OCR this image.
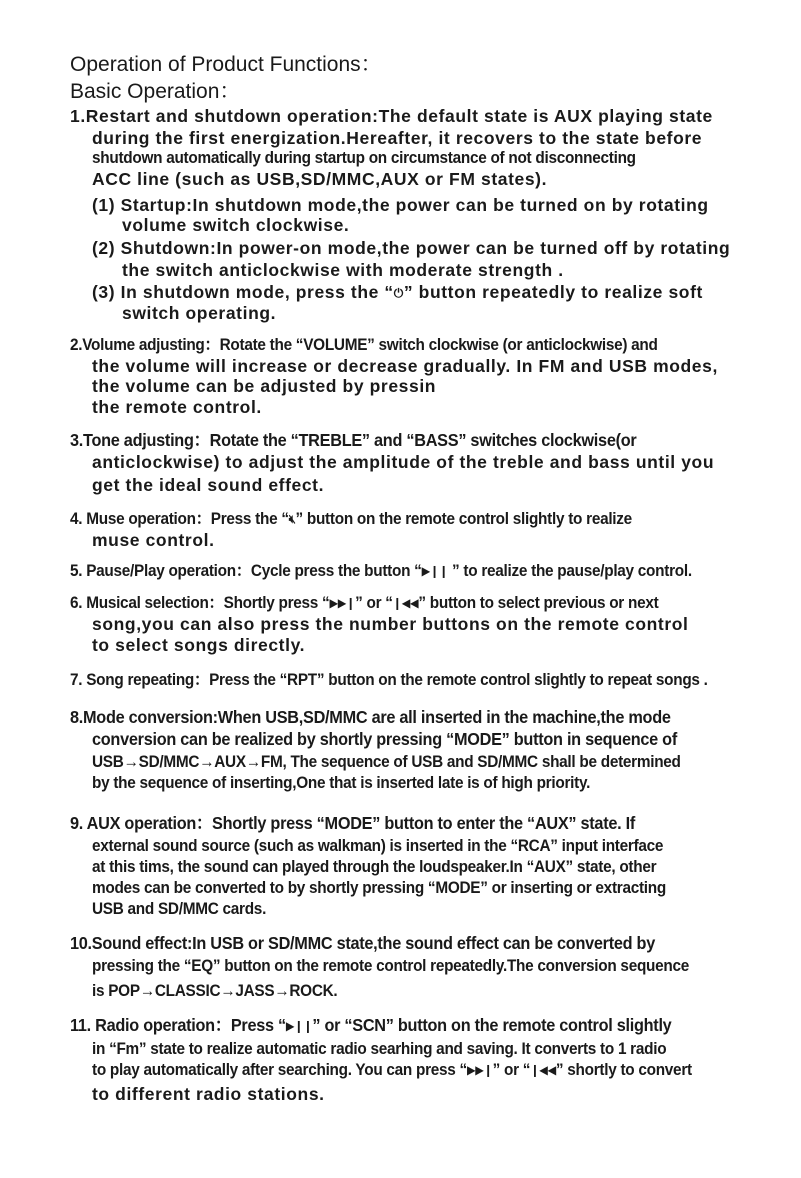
Operation of Product Functions：
Basic Operation：
1.Restart and shutdown operation:The default state is AUX playing state
during the first energization.Hereafter, it recovers to the state before
shutdown automatically during startup on circumstance of not disconnecting
ACC line (such as USB,SD/MMC,AUX or FM states).
(1) Startup:In shutdown mode,the power can be turned on by rotating
volume switch clockwise.
(2) Shutdown:In power-on mode,the power can be turned off by rotating
the switch anticlockwise with moderate strength .
(3) In shutdown mode, press the “⏻” button repeatedly to realize soft
switch operating.
2.Volume adjusting：Rotate the “VOLUME” switch clockwise (or anticlockwise) and
the volume will increase or decrease gradually. In FM and USB modes,
the volume can be adjusted by pressin
the remote control.
3.Tone adjusting：Rotate the “TREBLE” and “BASS” switches clockwise(or
anticlockwise) to adjust the amplitude of the treble and bass until you
get the ideal sound effect.
4. Muse operation：Press the “🔇︎” button on the remote control slightly to realize
muse control.
5. Pause/Play operation：Cycle press the button “▶❙❙ ” to realize the pause/play control.
6. Musical selection：Shortly press “▶▶❙” or “❙◀◀” button to select previous or next
song,you can also press the number buttons on the remote control
to select songs directly.
7. Song repeating：Press the “RPT” button on the remote control slightly to repeat songs .
8.Mode conversion:When USB,SD/MMC are all inserted in the machine,the mode
conversion can be realized by shortly pressing “MODE” button in sequence of
USB→SD/MMC→AUX→FM, The sequence of USB and SD/MMC shall be determined
by the sequence of inserting,One that is inserted late is of high priority.
9. AUX operation：Shortly press “MODE” button to enter the “AUX” state. If
external sound source (such as walkman) is inserted in the “RCA” input interface
at this tims, the sound can played through the loudspeaker.In “AUX” state, other
modes can be converted to by shortly pressing “MODE” or inserting or extracting
USB and SD/MMC cards.
10.Sound effect:In USB or SD/MMC state,the sound effect can be converted by
pressing the “EQ” button on the remote control repeatedly.The conversion sequence
is POP→CLASSIC→JASS→ROCK.
11. Radio operation：Press “▶❙❙” or “SCN” button on the remote control slightly
in “Fm” state to realize automatic radio searhing and saving. It converts to 1 radio
to play automatically after searching. You can press “▶▶❙” or “❙◀◀” shortly to convert
to different radio stations.
